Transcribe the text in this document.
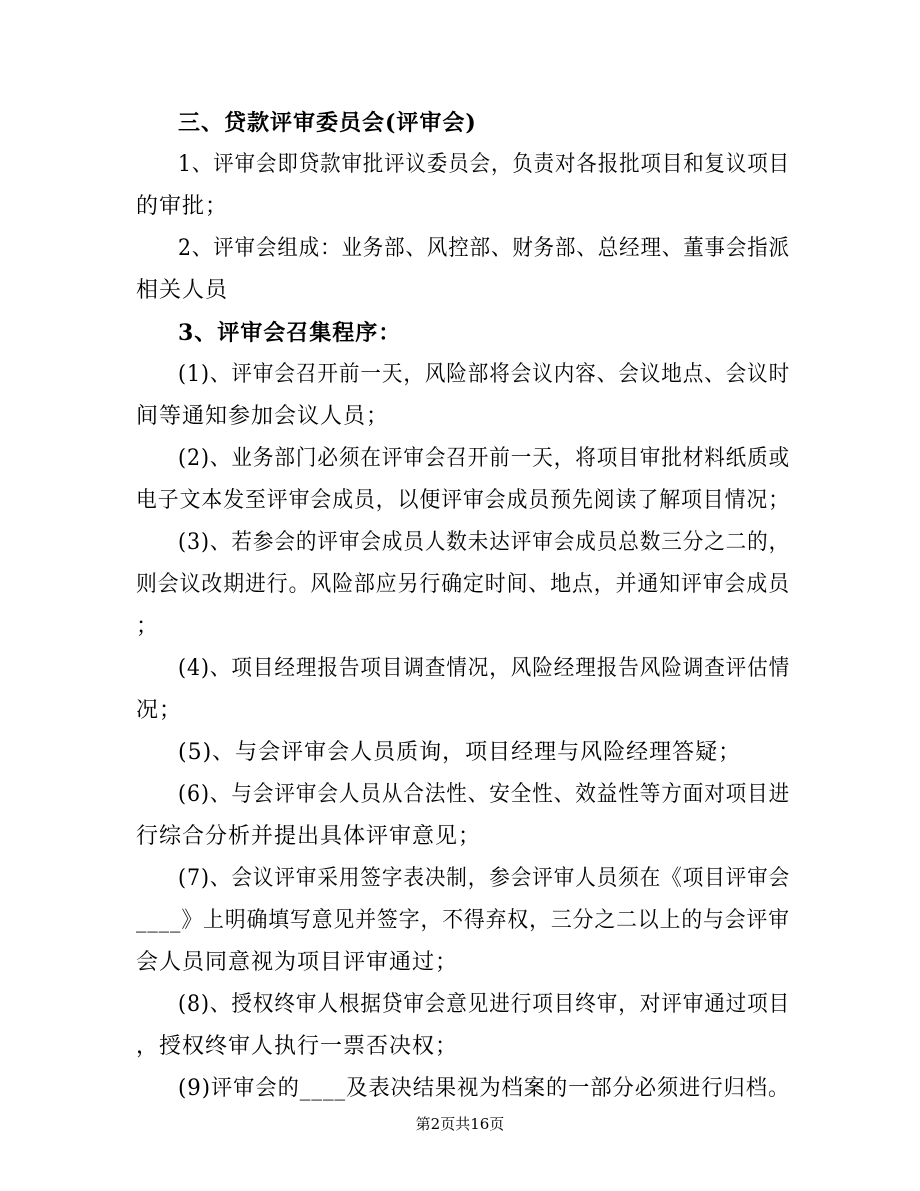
三、贷款评审委员会(评审会)
1、评审会即贷款审批评议委员会，负责对各报批项目和复议项目
的审批；
2、评审会组成：业务部、风控部、财务部、总经理、董事会指派
相关人员
3、评审会召集程序：
(1)、评审会召开前一天，风险部将会议内容、会议地点、会议时
间等通知参加会议人员；
(2)、业务部门必须在评审会召开前一天，将项目审批材料纸质或
电子文本发至评审会成员，以便评审会成员预先阅读了解项目情况；
(3)、若参会的评审会成员人数未达评审会成员总数三分之二的，
则会议改期进行。风险部应另行确定时间、地点，并通知评审会成员
；
(4)、项目经理报告项目调查情况，风险经理报告风险调查评估情
况；
(5)、与会评审会人员质询，项目经理与风险经理答疑；
(6)、与会评审会人员从合法性、安全性、效益性等方面对项目进
行综合分析并提出具体评审意见；
(7)、会议评审采用签字表决制，参会评审人员须在《项目评审会
____》上明确填写意见并签字，不得弃权，三分之二以上的与会评审
会人员同意视为项目评审通过；
(8)、授权终审人根据贷审会意见进行项目终审，对评审通过项目
，授权终审人执行一票否决权；
(9)评审会的____及表决结果视为档案的一部分必须进行归档。
第2页共16页
